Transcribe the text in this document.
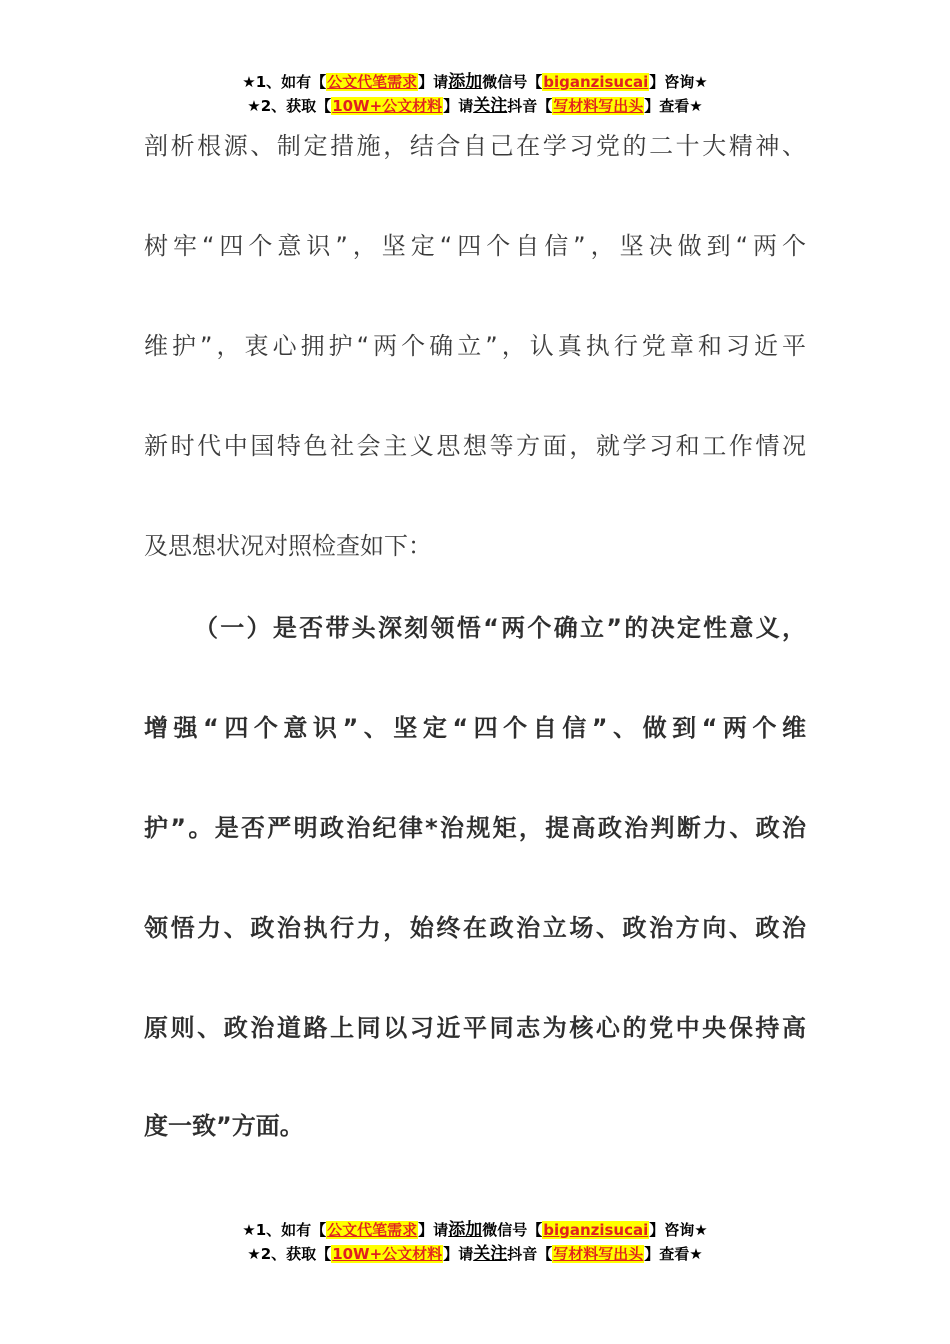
★1、如有【公文代笔需求】请添加微信号【biganzisucai】咨询★
★2、获取【10W+公文材料】请关注抖音【写材料写出头】查看★
剖析根源、制定措施，结合自己在学习党的二十大精神、
树牢“四个意识”，坚定“四个自信”，坚决做到“两个
维护”，衷心拥护“两个确立”，认真执行党章和习近平
新时代中国特色社会主义思想等方面，就学习和工作情况
及思想状况对照检查如下：
（一）是否带头深刻领悟“两个确立”的决定性意义，
增强“四个意识”、坚定“四个自信”、做到“两个维
护”。是否严明政治纪律*治规矩，提高政治判断力、政治
领悟力、政治执行力，始终在政治立场、政治方向、政治
原则、政治道路上同以习近平同志为核心的党中央保持高
度一致”方面。
★1、如有【公文代笔需求】请添加微信号【biganzisucai】咨询★
★2、获取【10W+公文材料】请关注抖音【写材料写出头】查看★
